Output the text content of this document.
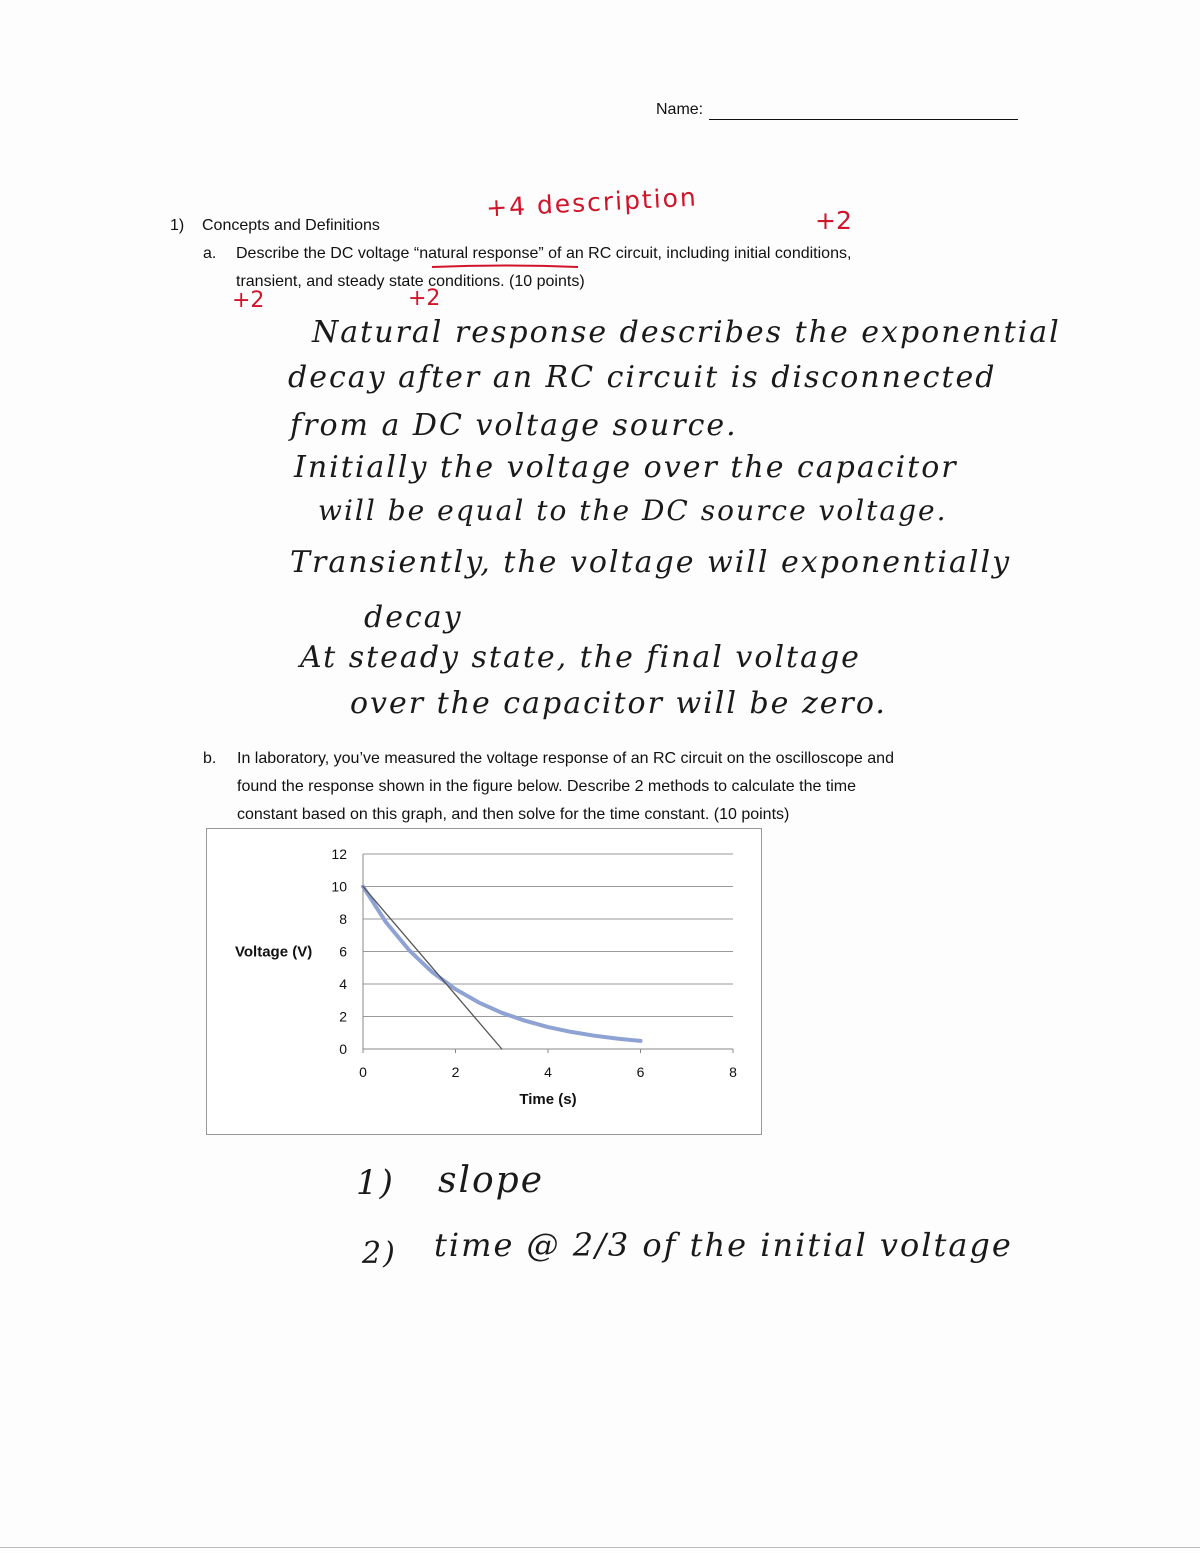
Name:
+4 description	+2
+2	+2
1) Concepts and Definitions
a. Describe the DC voltage “natural response” of an RC circuit, including initial conditions,
transient, and steady state conditions. (10 points)
Natural response describes the exponential
decay after an RC circuit is disconnected
from a DC voltage source.
Initially the voltage over the capacitor
will be equal to the DC source voltage.
Transiently, the voltage will exponentially
decay
At steady state, the final voltage
over the capacitor will be zero.
b. In laboratory, you’ve measured the voltage response of an RC circuit on the oscilloscope and
found the response shown in the figure below. Describe 2 methods to calculate the time
constant based on this graph, and then solve for the time constant. (10 points)
0
2
4
6
8
10
12
0	2	4	6	8
Voltage (V)
Time (s)
1) slope
2) time @ 2/3 of the initial voltage
